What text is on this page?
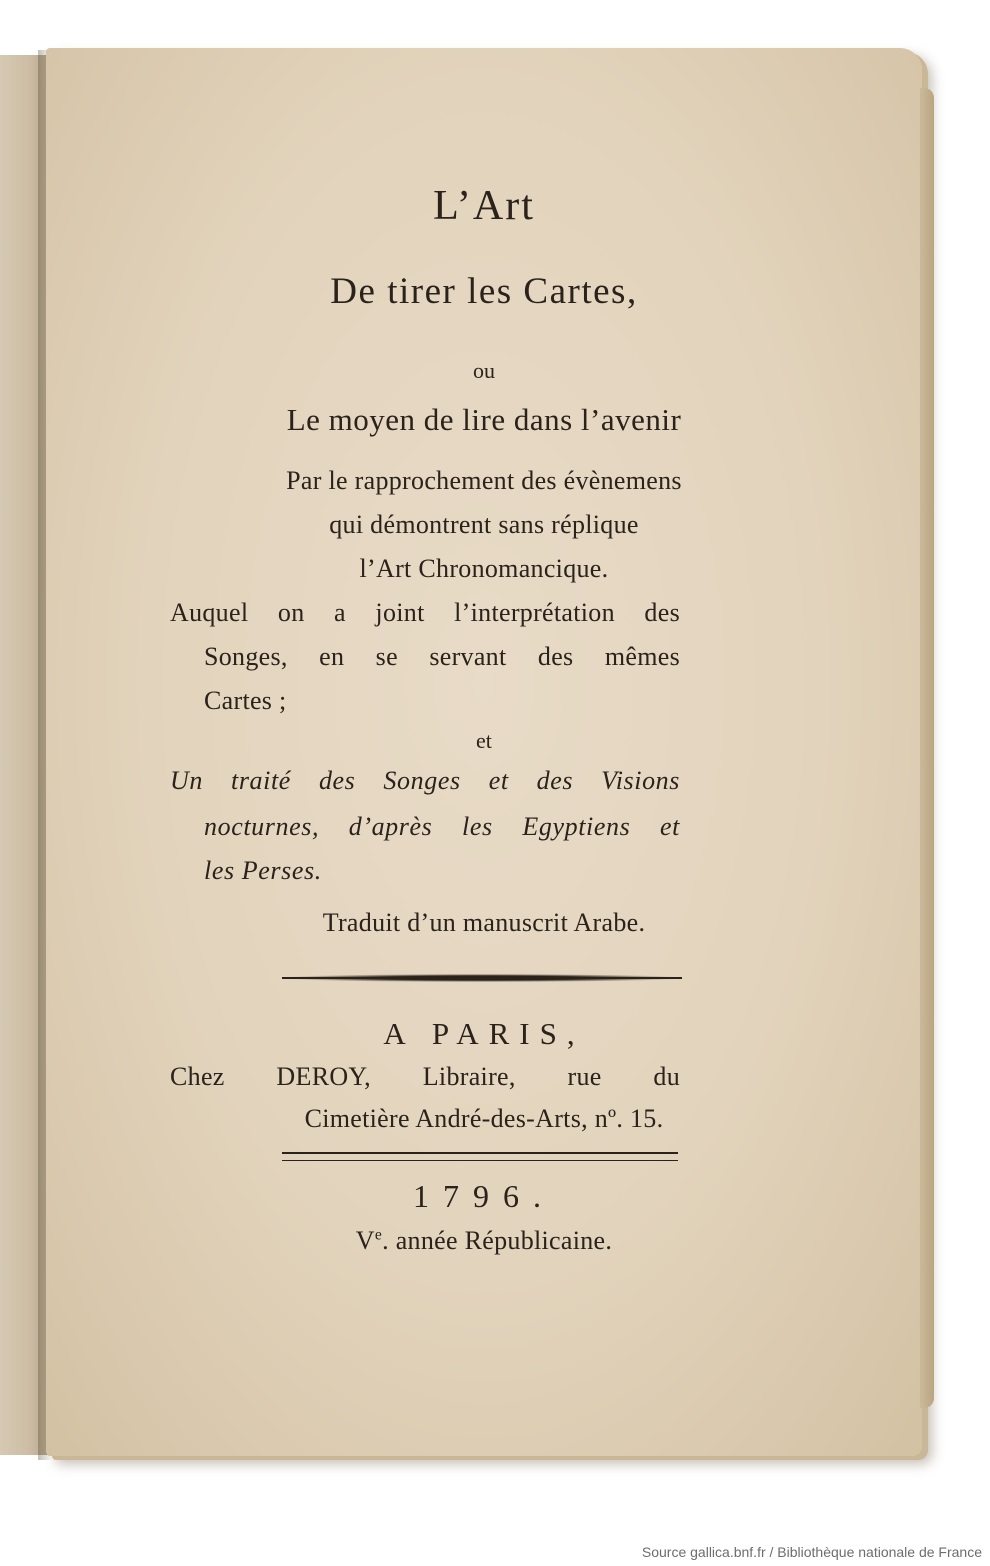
L’Art
De tirer les Cartes,
ou
Le moyen de lire dans l’avenir
Par le rapprochement des évènemens
qui démontrent sans réplique
l’Art Chronomancique.
Auquel on a joint l’interprétation des
Songes, en se servant des mêmes
Cartes ;
et
Un traité des Songes et des Visions
nocturnes, d’après les Egyptiens et
les Perses.
Traduit d’un manuscrit Arabe.
A PARIS,
Chez DEROY, Libraire, rue du
Cimetière André-des-Arts, nº. 15.
1796.
Ve. année Républicaine.
Source gallica.bnf.fr / Bibliothèque nationale de France
